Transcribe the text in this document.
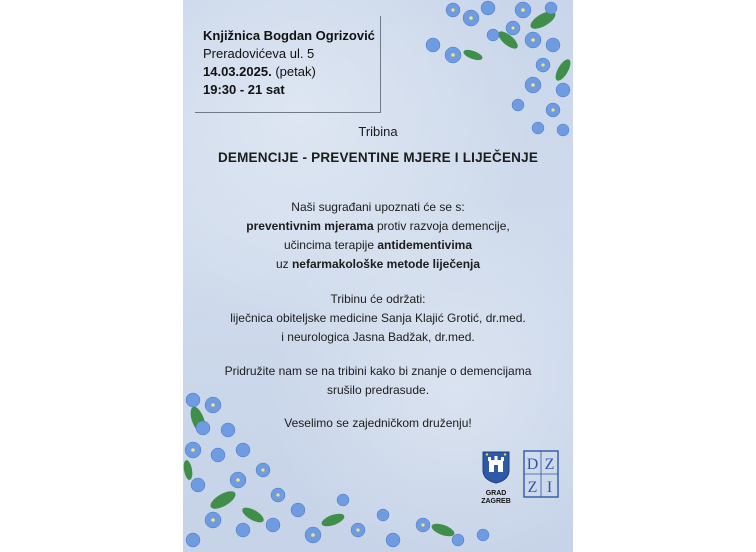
Knjižnica Bogdan Ogrizović
Preradovićeva ul. 5
14.03.2025. (petak)
19:30 - 21 sat
Tribina
DEMENCIJE - PREVENTINE MJERE I LIJEČENJE
Naši sugrađani upoznati će se s:
preventivnim mjerama protiv razvoja demencije,
učincima terapije antidementivima
uz nefarmakološke metode liječenja
Tribinu će održati:
liječnica obiteljske medicine Sanja Klajić Grotić, dr.med.
i neurologica Jasna Badžak, dr.med.
Pridružite nam se na tribini kako bi znanje o demencijama
srušilo predrasude.
Veselimo se zajedničkom druženju!
GRAD
ZAGREB
D Z
Z I
